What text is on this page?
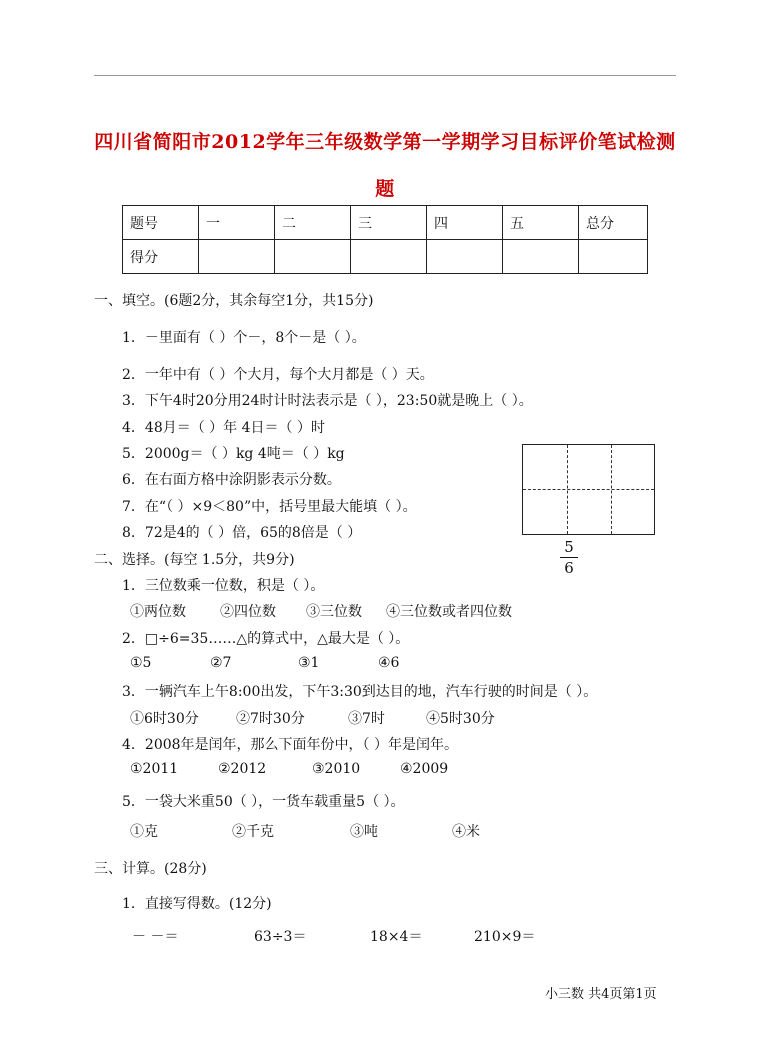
四川省简阳市2012学年三年级数学第一学期学习目标评价笔试检测
题
题号	一	二	三	四	五	总分
得分						
一、填空。(6题2分，其余每空1分，共15分)
1．－里面有（ ）个－，8个－是（ ）。
2．一年中有（ ）个大月，每个大月都是（ ）天。
3．下午4时20分用24时计时法表示是（ ），23:50就是晚上（ ）。
4．48月＝（ ）年 4日＝（ ）时
5．2000g＝（ ）kg 4吨＝（ ）kg
6．在右面方格中涂阴影表示分数。
7．在“（ ）×9＜80”中，括号里最大能填（ ）。
8．72是4的（ ）倍，65的8倍是（ ）
5
6
二、选择。(每空 1.5分，共9分)
1．三位数乘一位数，积是（ ）。
①两位数 ②四位数 ③三位数 ④三位数或者四位数
2．□÷6=35……△的算式中，△最大是（ ）。
①5	②7	③1	④6
3．一辆汽车上午8:00出发，下午3:30到达目的地，汽车行驶的时间是（ ）。
①6时30分	②7时30分	③7时	④5时30分
4．2008年是闰年，那么下面年份中，（ ）年是闰年。
①2011	②2012	③2010	④2009
5．一袋大米重50（ ），一货车载重量5（ ）。
①克	②千克	③吨	④米
三、计算。(28分)
1．直接写得数。(12分)
－ －＝	63÷3＝	18×4＝	210×9＝
小三数 共4页第1页
